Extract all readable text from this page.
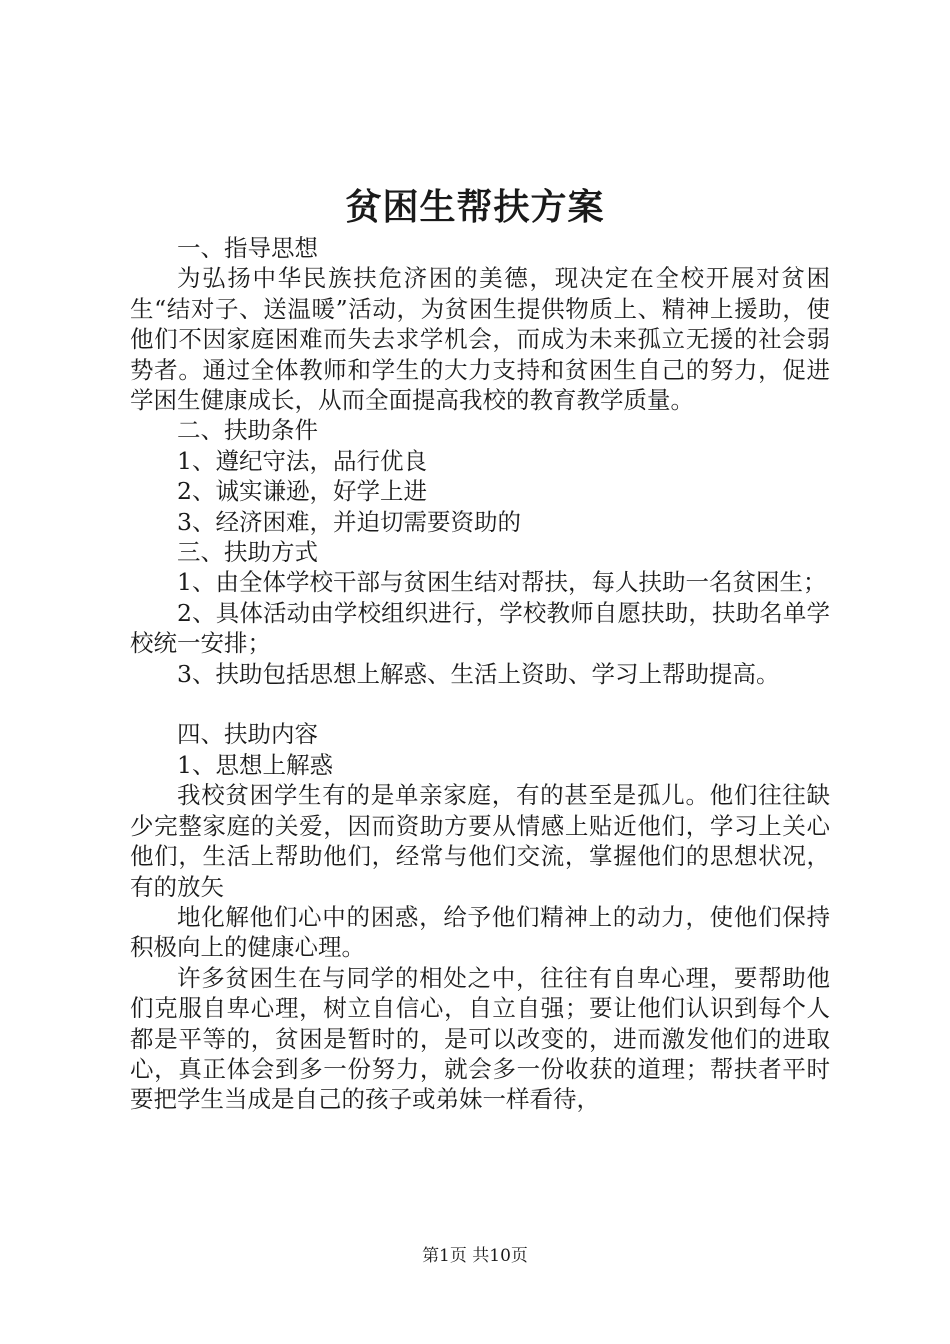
贫困生帮扶方案

一、指导思想

为弘扬中华民族扶危济困的美德，现决定在全校开展对贫困生“结对子、送温暖”活动，为贫困生提供物质上、精神上援助，使他们不因家庭困难而失去求学机会，而成为未来孤立无援的社会弱势者。通过全体教师和学生的大力支持和贫困生自己的努力，促进学困生健康成长，从而全面提高我校的教育教学质量。

二、扶助条件

1、遵纪守法，品行优良

2、诚实谦逊，好学上进

3、经济困难，并迫切需要资助的

三、扶助方式

1、由全体学校干部与贫困生结对帮扶，每人扶助一名贫困生；

2、具体活动由学校组织进行，学校教师自愿扶助，扶助名单学校统一安排；

3、扶助包括思想上解惑、生活上资助、学习上帮助提高。

四、扶助内容

1、思想上解惑

我校贫困学生有的是单亲家庭，有的甚至是孤儿。他们往往缺少完整家庭的关爱，因而资助方要从情感上贴近他们，学习上关心他们，生活上帮助他们，经常与他们交流，掌握他们的思想状况，有的放矢

地化解他们心中的困惑，给予他们精神上的动力，使他们保持积极向上的健康心理。

许多贫困生在与同学的相处之中，往往有自卑心理，要帮助他们克服自卑心理，树立自信心，自立自强；要让他们认识到每个人都是平等的，贫困是暂时的，是可以改变的，进而激发他们的进取心，真正体会到多一份努力，就会多一份收获的道理；帮扶者平时要把学生当成是自己的孩子或弟妹一样看待，

第1页 共10页
